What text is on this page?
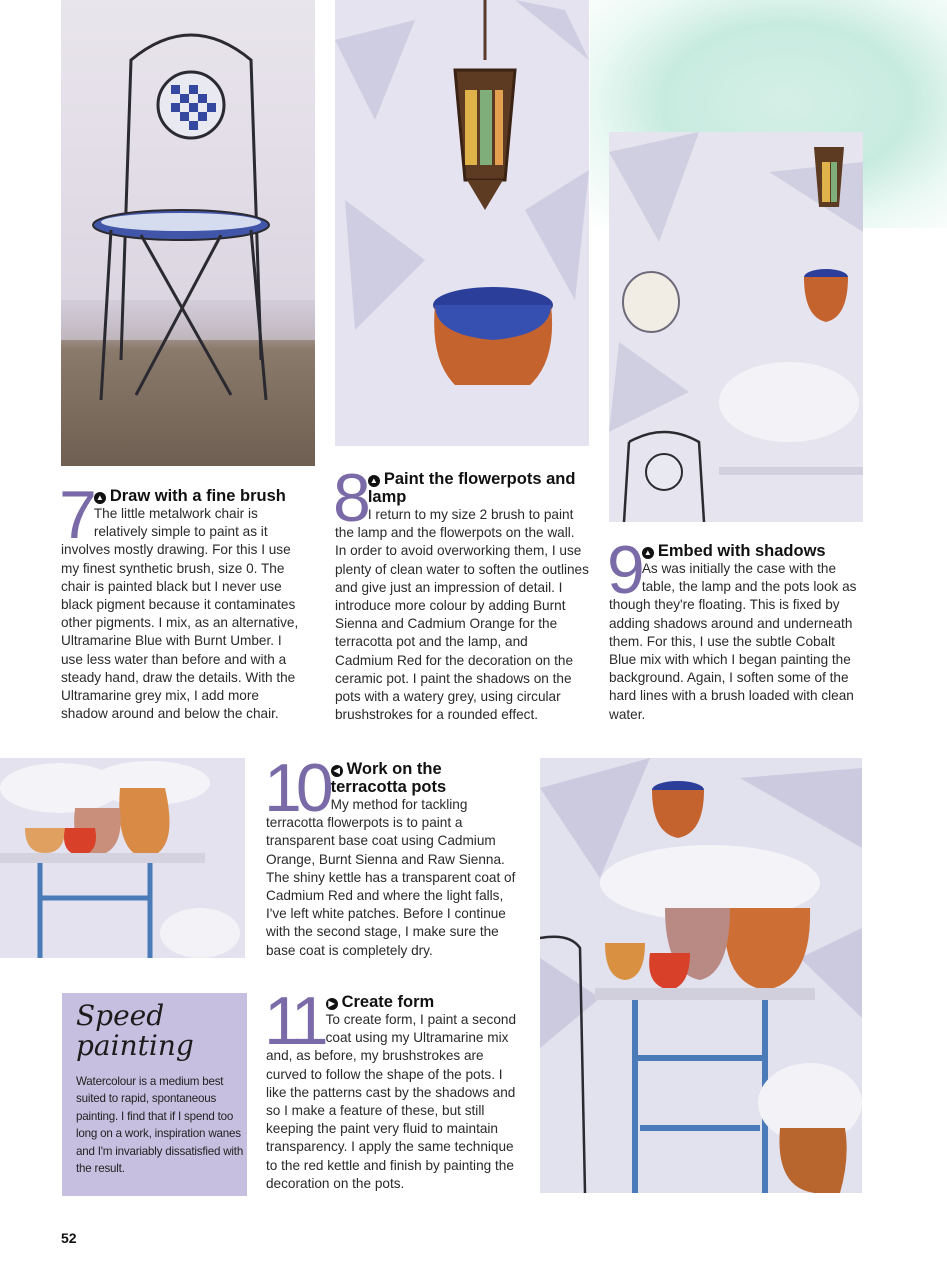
7 ▲ Draw with a fine brush

The little metalwork chair is relatively simple to paint as it involves mostly drawing. For this I use my finest synthetic brush, size 0. The chair is painted black but I never use black pigment because it contaminates other pigments. I mix, as an alternative, Ultramarine Blue with Burnt Umber. I use less water than before and with a steady hand, draw the details. With the Ultramarine grey mix, I add more shadow around and below the chair.

8 ▲ Paint the flowerpots and lamp

I return to my size 2 brush to paint the lamp and the flowerpots on the wall. In order to avoid overworking them, I use plenty of clean water to soften the outlines and give just an impression of detail. I introduce more colour by adding Burnt Sienna and Cadmium Orange for the terracotta pot and the lamp, and Cadmium Red for the decoration on the ceramic pot. I paint the shadows on the pots with a watery grey, using circular brushstrokes for a rounded effect.

9 ▲ Embed with shadows

As was initially the case with the table, the lamp and the pots look as though they're floating. This is fixed by adding shadows around and underneath them. For this, I use the subtle Cobalt Blue mix with which I began painting the background. Again, I soften some of the hard lines with a brush loaded with clean water.

10 ◀ Work on the terracotta pots

My method for tackling terracotta flowerpots is to paint a transparent base coat using Cadmium Orange, Burnt Sienna and Raw Sienna. The shiny kettle has a transparent coat of Cadmium Red and where the light falls, I've left white patches. Before I continue with the second stage, I make sure the base coat is completely dry.

11 ▶ Create form

To create form, I paint a second coat using my Ultramarine mix and, as before, my brushstrokes are curved to follow the shape of the pots. I like the patterns cast by the shadows and so I make a feature of these, but still keeping the paint very fluid to maintain transparency. I apply the same technique to the red kettle and finish by painting the decoration on the pots.

Speed painting

Watercolour is a medium best suited to rapid, spontaneous painting. I find that if I spend too long on a work, inspiration wanes and I'm invariably dissatisfied with the result.

52
